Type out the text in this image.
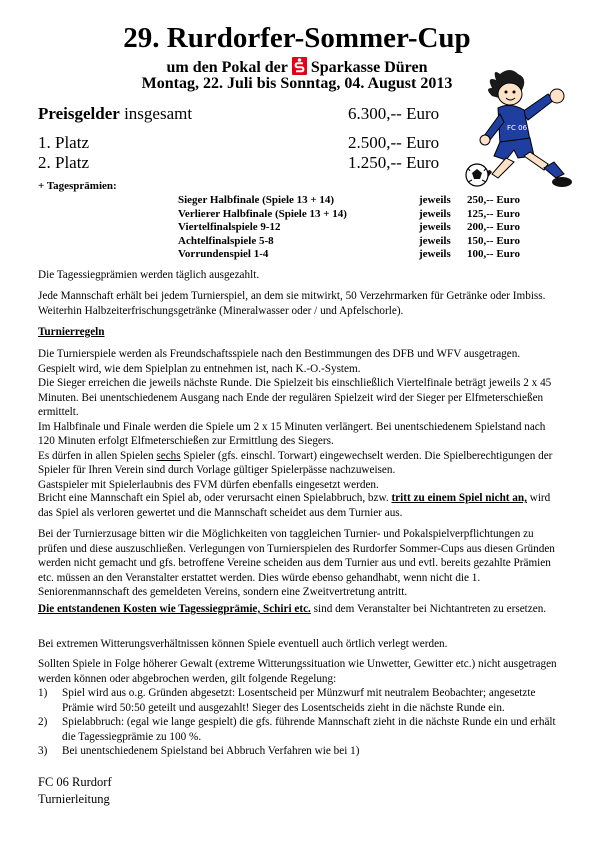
29. Rurdorfer-Sommer-Cup
um den Pokal der Sparkasse Düren
Montag, 22. Juli bis Sonntag, 04. August 2013
FC 06
Preisgelder insgesamt	6.300,-- Euro
1. Platz	2.500,-- Euro
2. Platz	1.250,-- Euro
+ Tagesprämien:
Sieger Halbfinale (Spiele 13 + 14)	jeweils 250,-- Euro
Verlierer Halbfinale (Spiele 13 + 14)	jeweils 125,-- Euro
Viertelfinalspiele 9-12	jeweils 200,-- Euro
Achtelfinalspiele 5-8	jeweils 150,-- Euro
Vorrundenspiel 1-4	jeweils 100,-- Euro
Die Tagessiegprämien werden täglich ausgezahlt.
Jede Mannschaft erhält bei jedem Turnierspiel, an dem sie mitwirkt, 50 Verzehrmarken für Getränke oder Imbiss. Weiterhin Halbzeiterfrischungsgetränke (Mineralwasser oder / und Apfelschorle).
Turnierregeln
Die Turnierspiele werden als Freundschaftsspiele nach den Bestimmungen des DFB und WFV ausgetragen.
Gespielt wird, wie dem Spielplan zu entnehmen ist, nach K.-O.-System.
Die Sieger erreichen die jeweils nächste Runde. Die Spielzeit bis einschließlich Viertelfinale beträgt jeweils 2 x 45 Minuten. Bei unentschiedenem Ausgang nach Ende der regulären Spielzeit wird der Sieger per Elfmeterschießen ermittelt.
Im Halbfinale und Finale werden die Spiele um 2 x 15 Minuten verlängert. Bei unentschiedenem Spielstand nach 120 Minuten erfolgt Elfmeterschießen zur Ermittlung des Siegers.
Es dürfen in allen Spielen sechs Spieler (gfs. einschl. Torwart) eingewechselt werden. Die Spielberechtigungen der Spieler für Ihren Verein sind durch Vorlage gültiger Spielerpässe nachzuweisen.
Gastspieler mit Spielerlaubnis des FVM dürfen ebenfalls eingesetzt werden.
Bricht eine Mannschaft ein Spiel ab, oder verursacht einen Spielabbruch, bzw. tritt zu einem Spiel nicht an, wird das Spiel als verloren gewertet und die Mannschaft scheidet aus dem Turnier aus.
Bei der Turnierzusage bitten wir die Möglichkeiten von taggleichen Turnier- und Pokalspielverpflichtungen zu prüfen und diese auszuschließen. Verlegungen von Turnierspielen des Rurdorfer Sommer-Cups aus diesen Gründen werden nicht gemacht und gfs. betroffene Vereine scheiden aus dem Turnier aus und evtl. bereits gezahlte Prämien etc. müssen an den Veranstalter erstattet werden. Dies würde ebenso gehandhabt, wenn nicht die 1. Seniorenmannschaft des gemeldeten Vereins, sondern eine Zweitvertretung antritt.
Die entstandenen Kosten wie Tagessiegprämie, Schiri etc. sind dem Veranstalter bei Nichtantreten zu ersetzen.
Bei extremen Witterungsverhältnissen können Spiele eventuell auch örtlich verlegt werden.
Sollten Spiele in Folge höherer Gewalt (extreme Witterungssituation wie Unwetter, Gewitter etc.) nicht ausgetragen werden können oder abgebrochen werden, gilt folgende Regelung:
1) Spiel wird aus o.g. Gründen abgesetzt: Losentscheid per Münzwurf mit neutralem Beobachter; angesetzte Prämie wird 50:50 geteilt und ausgezahlt! Sieger des Losentscheids zieht in die nächste Runde ein.
2) Spielabbruch: (egal wie lange gespielt) die gfs. führende Mannschaft zieht in die nächste Runde ein und erhält die Tagessiegprämie zu 100 %.
3) Bei unentschiedenem Spielstand bei Abbruch Verfahren wie bei 1)
FC 06 Rurdorf
Turnierleitung
